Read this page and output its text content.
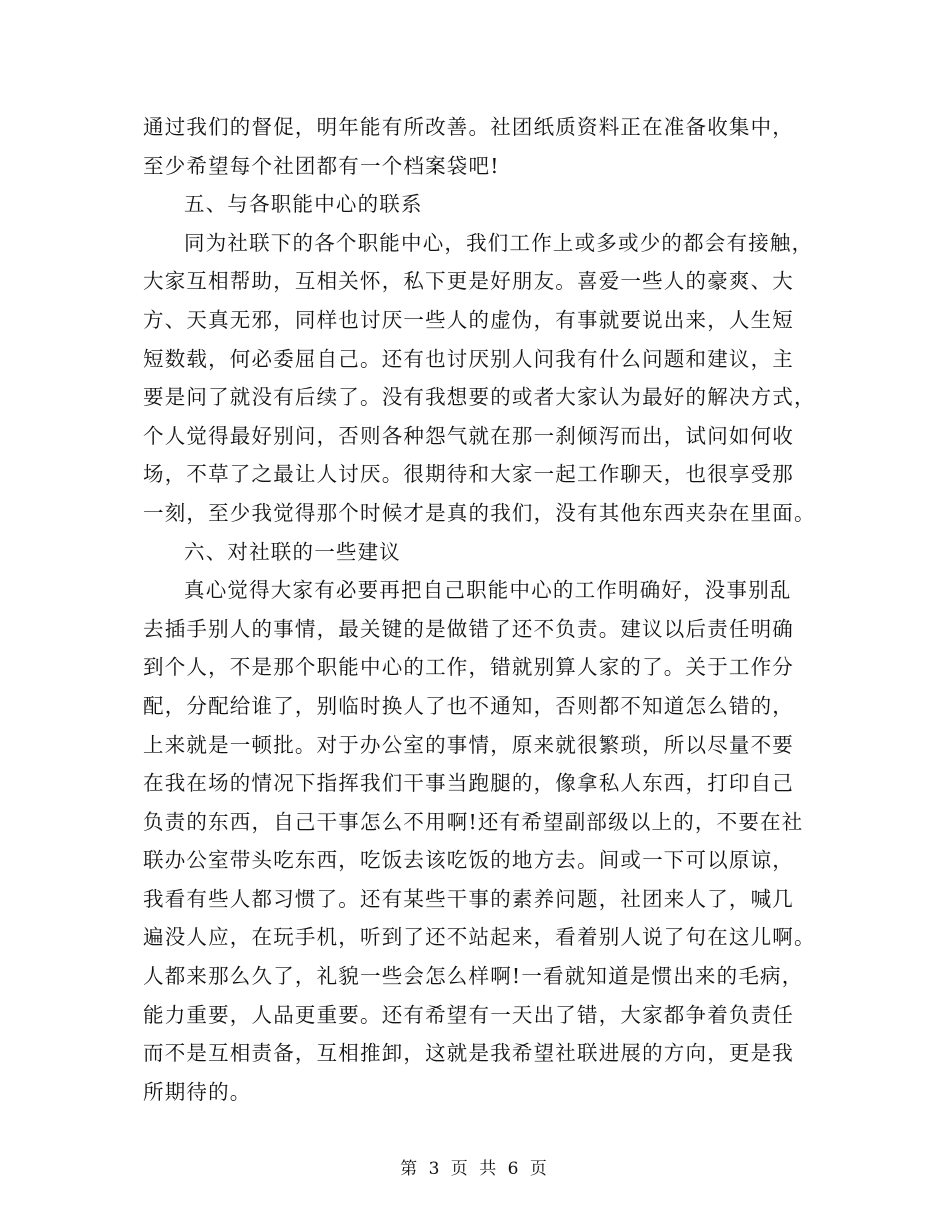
通过我们的督促，明年能有所改善。社团纸质资料正在准备收集中，
至少希望每个社团都有一个档案袋吧!
五、与各职能中心的联系
同为社联下的各个职能中心，我们工作上或多或少的都会有接触，
大家互相帮助，互相关怀，私下更是好朋友。喜爱一些人的豪爽、大
方、天真无邪，同样也讨厌一些人的虚伪，有事就要说出来，人生短
短数载，何必委屈自己。还有也讨厌别人问我有什么问题和建议，主
要是问了就没有后续了。没有我想要的或者大家认为最好的解决方式，
个人觉得最好别问，否则各种怨气就在那一刹倾泻而出，试问如何收
场，不草了之最让人讨厌。很期待和大家一起工作聊天，也很享受那
一刻，至少我觉得那个时候才是真的我们，没有其他东西夹杂在里面。
六、对社联的一些建议
真心觉得大家有必要再把自己职能中心的工作明确好，没事别乱
去插手别人的事情，最关键的是做错了还不负责。建议以后责任明确
到个人，不是那个职能中心的工作，错就别算人家的了。关于工作分
配，分配给谁了，别临时换人了也不通知，否则都不知道怎么错的，
上来就是一顿批。对于办公室的事情，原来就很繁琐，所以尽量不要
在我在场的情况下指挥我们干事当跑腿的，像拿私人东西，打印自己
负责的东西，自己干事怎么不用啊!还有希望副部级以上的，不要在社
联办公室带头吃东西，吃饭去该吃饭的地方去。间或一下可以原谅，
我看有些人都习惯了。还有某些干事的素养问题，社团来人了，喊几
遍没人应，在玩手机，听到了还不站起来，看着别人说了句在这儿啊。
人都来那么久了，礼貌一些会怎么样啊!一看就知道是惯出来的毛病，
能力重要，人品更重要。还有希望有一天出了错，大家都争着负责任
而不是互相责备，互相推卸，这就是我希望社联进展的方向，更是我
所期待的。
第 3 页 共 6 页
